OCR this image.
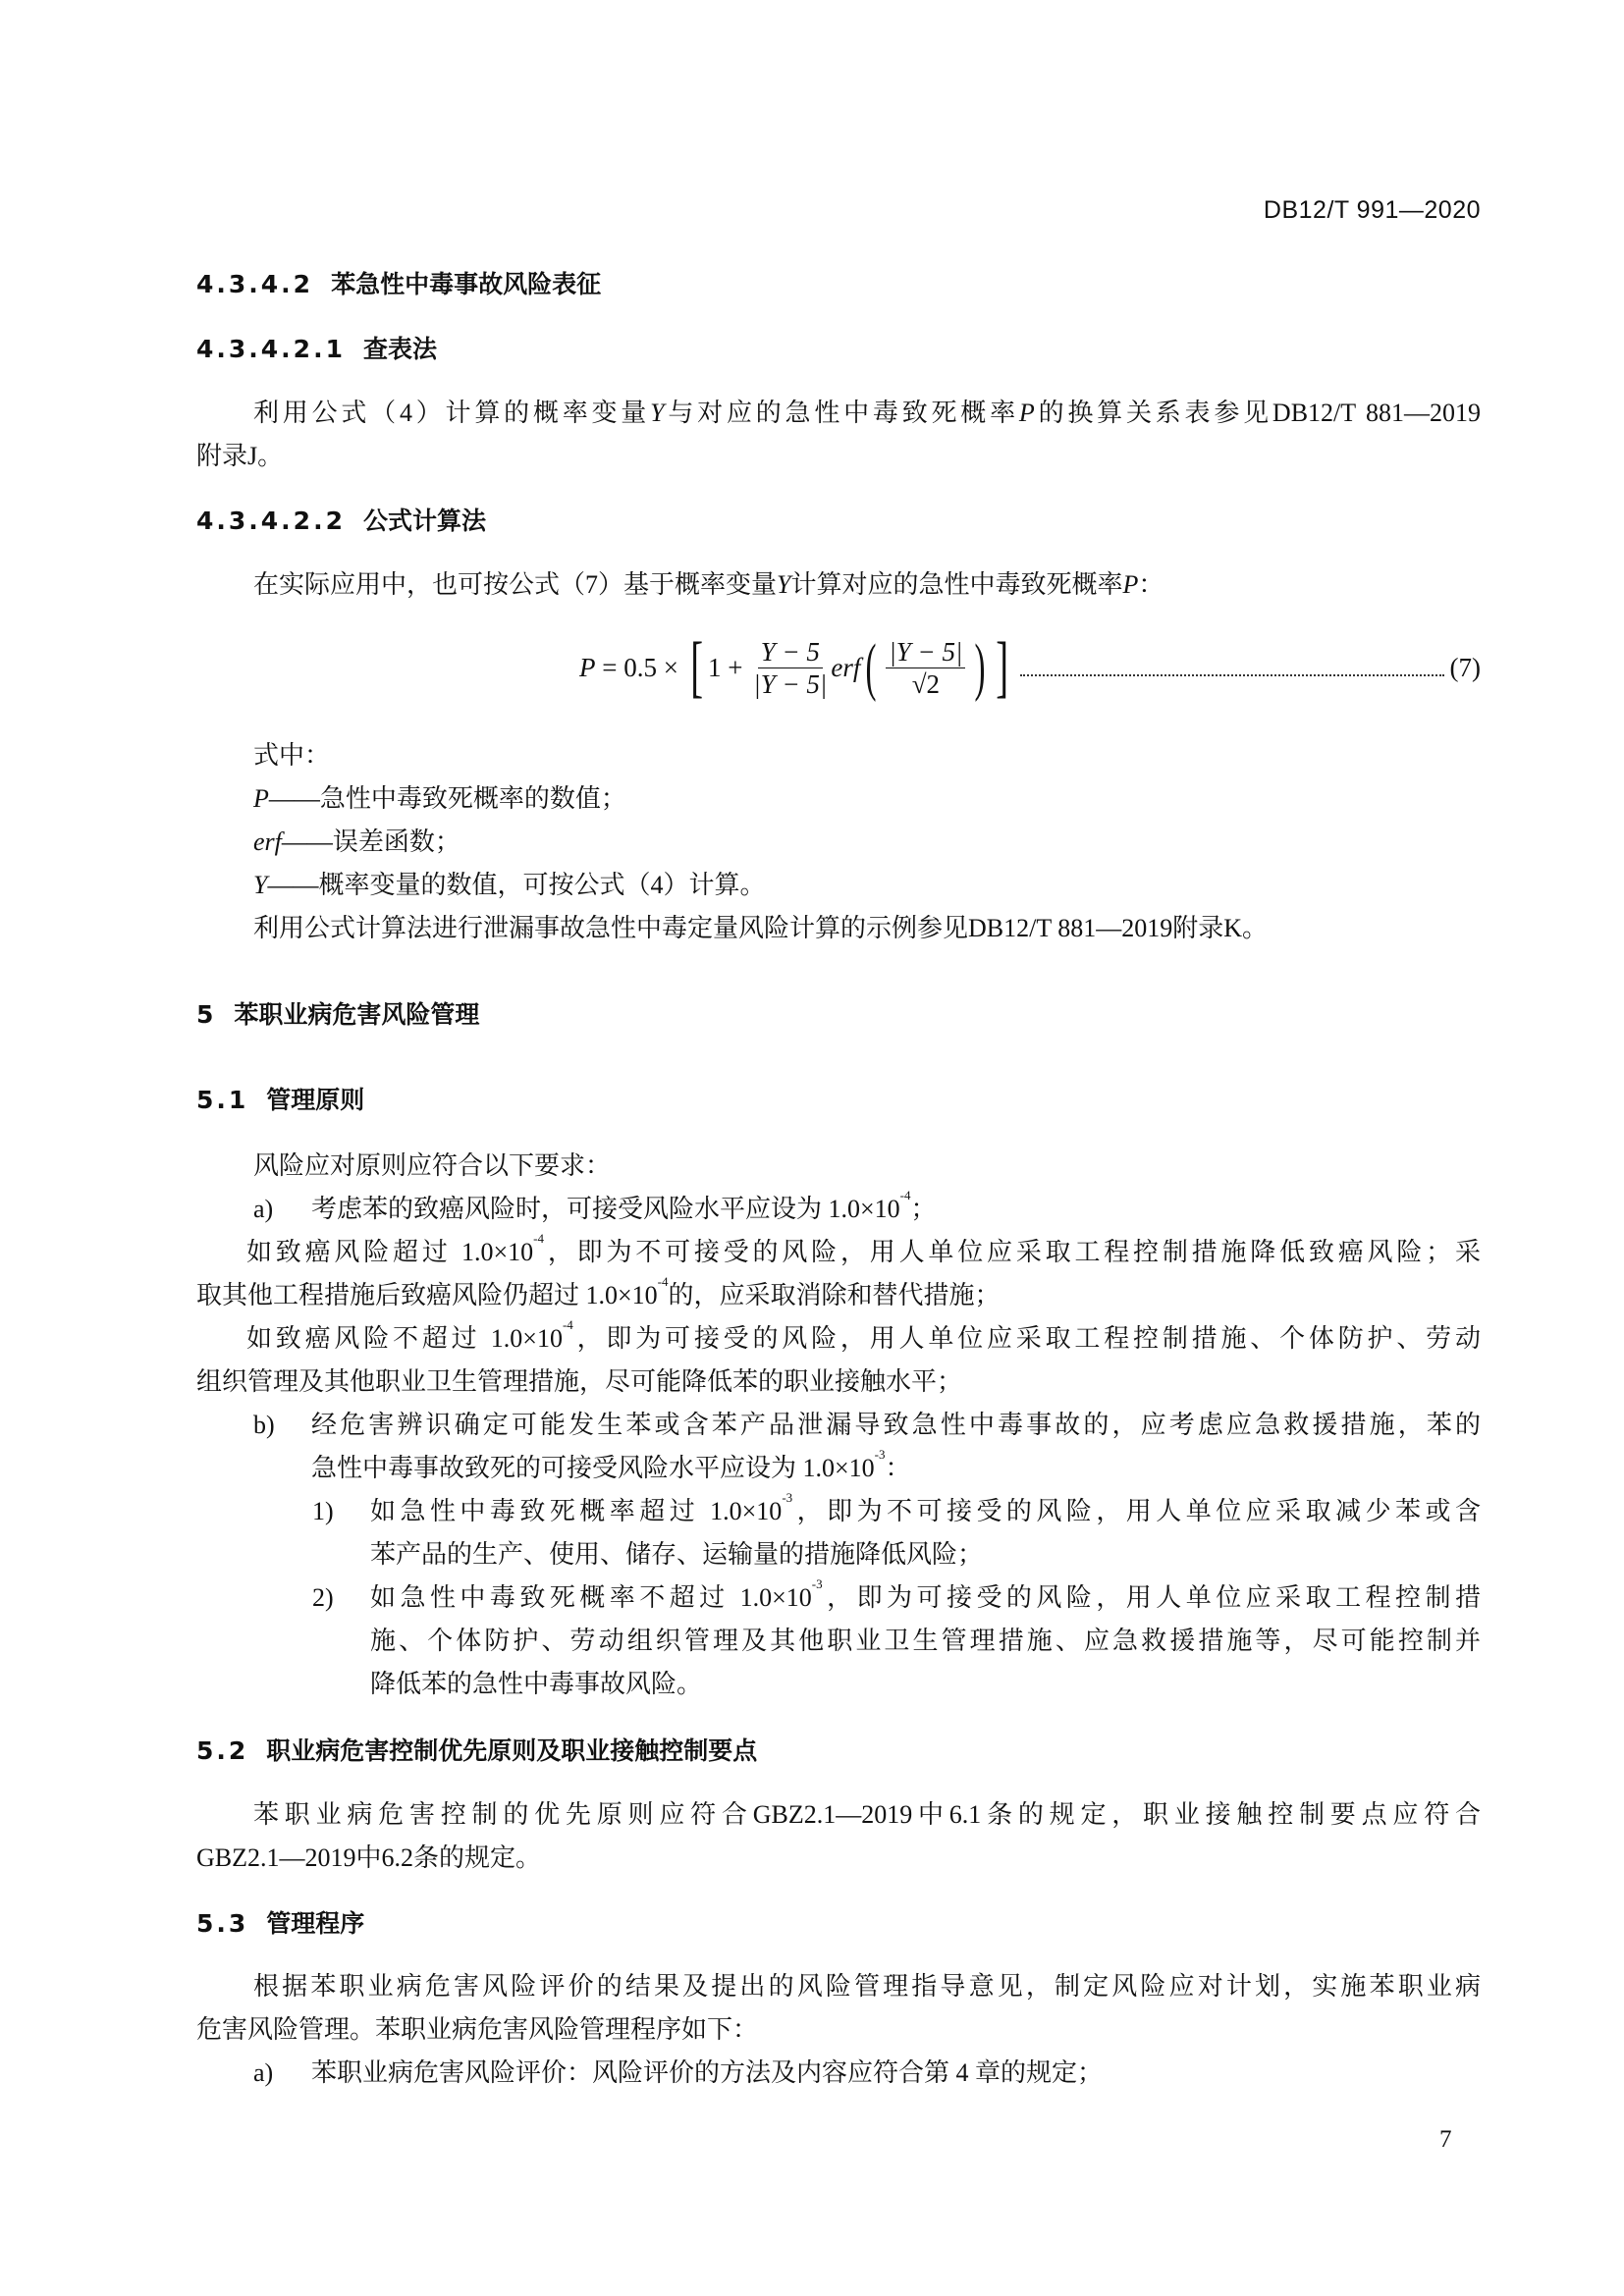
DB12/T 991—2020
4.3.4.2 苯急性中毒事故风险表征
4.3.4.2.1 查表法
利用公式（4）计算的概率变量Y与对应的急性中毒致死概率P的换算关系表参见DB12/T 881—2019
附录J。
4.3.4.2.2 公式计算法
在实际应用中，也可按公式（7）基于概率变量Y计算对应的急性中毒致死概率P：
P = 0.5 × [ $1 + \frac{Y - 5}{|Y - 5|}$ erf ( $\frac{|Y - 5|}{√2}$ ) ]	(7)
式中：
P——急性中毒致死概率的数值；
erf——误差函数；
Y——概率变量的数值，可按公式（4）计算。
利用公式计算法进行泄漏事故急性中毒定量风险计算的示例参见DB12/T 881—2019附录K。
5 苯职业病危害风险管理
5.1 管理原则
风险应对原则应符合以下要求：
a) 考虑苯的致癌风险时，可接受风险水平应设为 $1.0\times 10^{-4}$；
如致癌风险超过 $1.0\times 10^{-4}$，即为不可接受的风险，用人单位应采取工程控制措施降低致癌风险；采
取其他工程措施后致癌风险仍超过 $1.0\times 10^{-4}$的，应采取消除和替代措施；
如致癌风险不超过 $1.0\times 10^{-4}$，即为可接受的风险，用人单位应采取工程控制措施、个体防护、劳动
组织管理及其他职业卫生管理措施，尽可能降低苯的职业接触水平；
b) 经危害辨识确定可能发生苯或含苯产品泄漏导致急性中毒事故的，应考虑应急救援措施，苯的
急性中毒事故致死的可接受风险水平应设为 $1.0\times 10^{-3}$：
1) 如急性中毒致死概率超过 $1.0\times 10^{-3}$，即为不可接受的风险，用人单位应采取减少苯或含
苯产品的生产、使用、储存、运输量的措施降低风险；
2) 如急性中毒致死概率不超过 $1.0\times 10^{-3}$，即为可接受的风险，用人单位应采取工程控制措
施、个体防护、劳动组织管理及其他职业卫生管理措施、应急救援措施等，尽可能控制并
降低苯的急性中毒事故风险。
5.2 职业病危害控制优先原则及职业接触控制要点
苯职业病危害控制的优先原则应符合GBZ2.1—2019中6.1条的规定，职业接触控制要点应符合
GBZ2.1—2019中6.2条的规定。
5.3 管理程序
根据苯职业病危害风险评价的结果及提出的风险管理指导意见，制定风险应对计划，实施苯职业病
危害风险管理。苯职业病危害风险管理程序如下：
a) 苯职业病危害风险评价：风险评价的方法及内容应符合第 4 章的规定；
7
